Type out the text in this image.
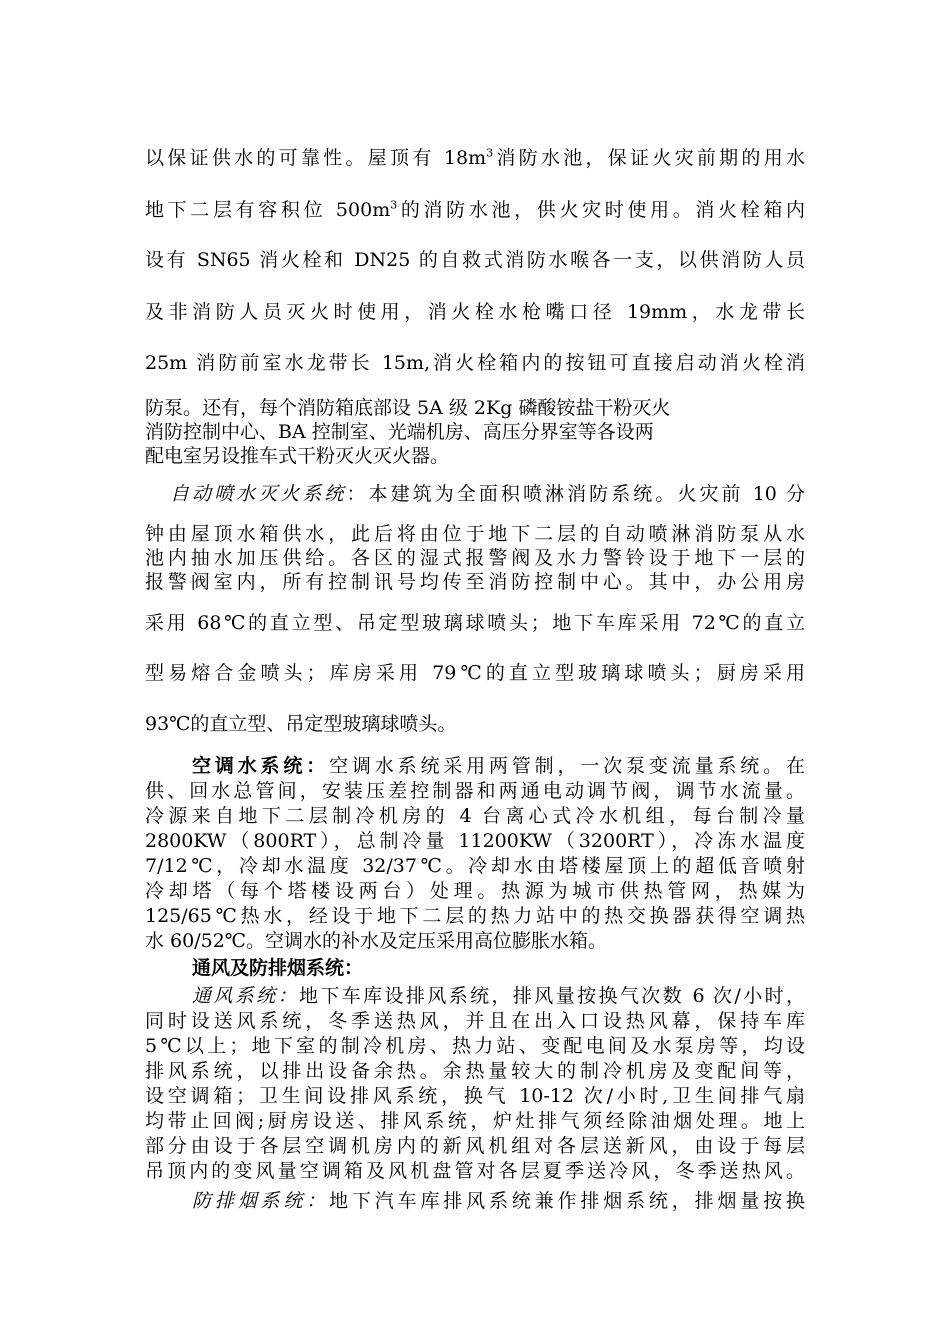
以保证供水的可靠性。屋顶有 $18m^3$消防水池，保证火灾前期的用水
地下二层有容积位 $500m^3$的消防水池，供火灾时使用。消火栓箱内
设有 SN65 消火栓和 DN25 的自救式消防水喉各一支，以供消防人员
及非消防人员灭火时使用，消火栓水枪嘴口径 19mm，水龙带长
25m 消防前室水龙带长 15m,消火栓箱内的按钮可直接启动消火栓消
防泵。还有，每个消防箱底部设 5A 级 2Kg 磷酸铵盐干粉灭火
消防控制中心、BA 控制室、光端机房、高压分界室等各设两
配电室另设推车式干粉灭火灭火器。
自动喷水灭火系统：本建筑为全面积喷淋消防系统。火灾前 10 分
钟由屋顶水箱供水，此后将由位于地下二层的自动喷淋消防泵从水
池内抽水加压供给。各区的湿式报警阀及水力警铃设于地下一层的
报警阀室内，所有控制讯号均传至消防控制中心。其中，办公用房
采用 68℃的直立型、吊定型玻璃球喷头；地下车库采用 72℃的直立
型易熔合金喷头；库房采用 79℃的直立型玻璃球喷头；厨房采用
93℃的直立型、吊定型玻璃球喷头。
空调水系统：空调水系统采用两管制，一次泵变流量系统。在
供、回水总管间，安装压差控制器和两通电动调节阀，调节水流量。
冷源来自地下二层制冷机房的 4 台离心式冷水机组，每台制冷量
2800KW（800RT），总制冷量 11200KW（3200RT），冷冻水温度
7/12℃，冷却水温度 32/37℃。冷却水由塔楼屋顶上的超低音喷射
冷却塔（每个塔楼设两台）处理。热源为城市供热管网，热媒为
125/65℃热水，经设于地下二层的热力站中的热交换器获得空调热
水 60/52℃。空调水的补水及定压采用高位膨胀水箱。
通风及防排烟系统：
通风系统：地下车库设排风系统，排风量按换气次数 6 次/小时，
同时设送风系统，冬季送热风，并且在出入口设热风幕，保持车库
5℃以上；地下室的制冷机房、热力站、变配电间及水泵房等，均设
排风系统，以排出设备余热。余热量较大的制冷机房及变配间等，
设空调箱；卫生间设排风系统，换气 10-12 次/小时,卫生间排气扇
均带止回阀;厨房设送、排风系统，炉灶排气须经除油烟处理。地上
部分由设于各层空调机房内的新风机组对各层送新风，由设于每层
吊顶内的变风量空调箱及风机盘管对各层夏季送冷风，冬季送热风。
防排烟系统：地下汽车库排风系统兼作排烟系统，排烟量按换
